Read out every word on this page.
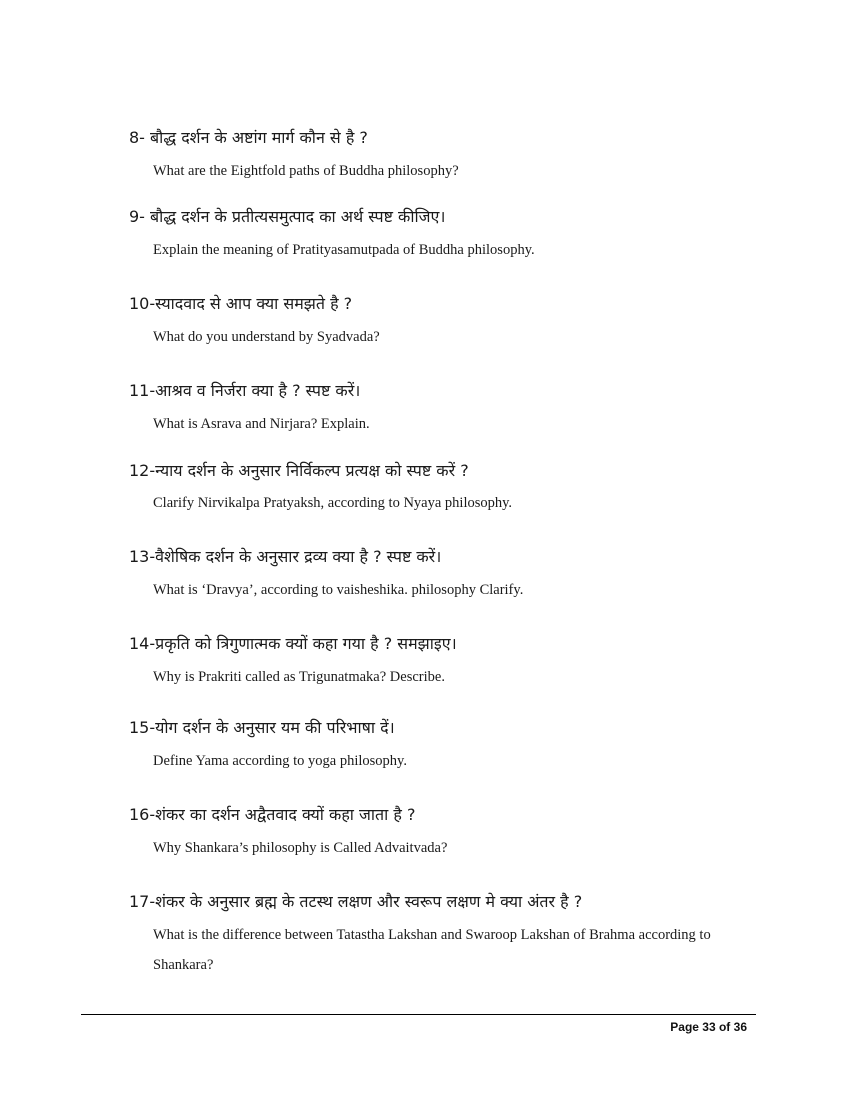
8- बौद्ध दर्शन के अष्टांग मार्ग कौन से है ?
What are the Eightfold paths of Buddha philosophy?
9- बौद्ध दर्शन के प्रतीत्यसमुत्पाद का अर्थ स्पष्ट कीजिए।
Explain the meaning of Pratityasamutpada of Buddha philosophy.
10-स्यादवाद से आप क्या समझते है ?
What do you understand by Syadvada?
11-आश्रव व निर्जरा क्या है ? स्पष्ट करें।
What is Asrava and Nirjara? Explain.
12-न्याय दर्शन के अनुसार निर्विकल्प प्रत्यक्ष को स्पष्ट करें ?
Clarify Nirvikalpa Pratyaksh, according to Nyaya philosophy.
13-वैशेषिक दर्शन के अनुसार द्रव्य क्या है ? स्पष्ट करें।
What is ‘Dravya’, according to vaisheshika. philosophy Clarify.
14-प्रकृति को त्रिगुणात्मक क्यों कहा गया है ? समझाइए।
Why is Prakriti called as Trigunatmaka? Describe.
15-योग दर्शन के अनुसार यम की परिभाषा दें।
Define Yama according to yoga philosophy.
16-शंकर का दर्शन अद्वैतवाद क्यों कहा जाता है ?
Why Shankara’s philosophy is Called Advaitvada?
17-शंकर के अनुसार ब्रह्म के तटस्थ लक्षण और स्वरूप लक्षण मे क्या अंतर है ?
What is the difference between Tatastha Lakshan and Swaroop Lakshan of Brahma according to Shankara?
Page 33 of 36
